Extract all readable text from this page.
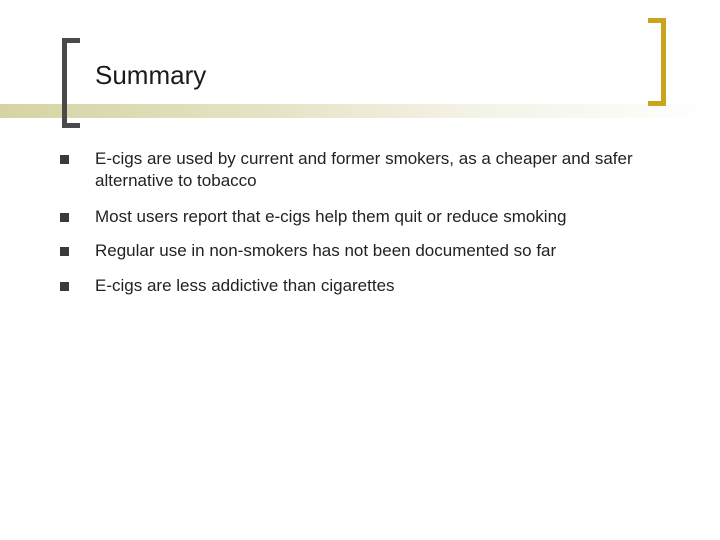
Summary
E-cigs are used by current and former smokers, as a cheaper and safer alternative to tobacco
Most users report that e-cigs help them quit or reduce smoking
Regular use in non-smokers has not been documented so far
E-cigs are less addictive than cigarettes
